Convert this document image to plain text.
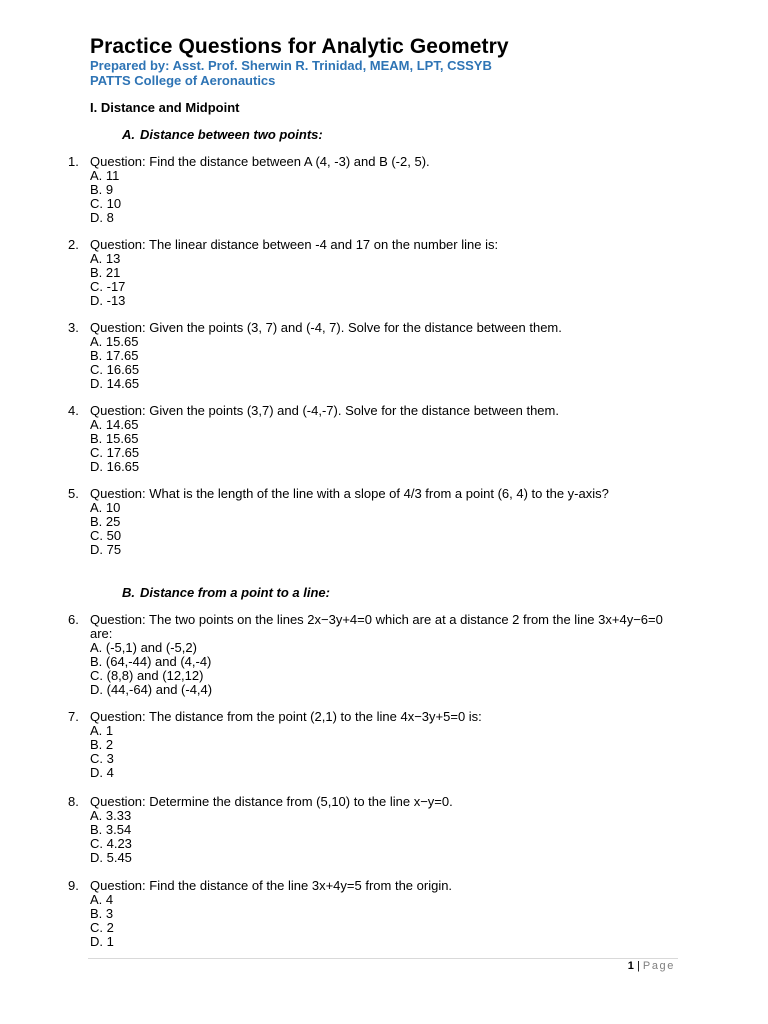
Practice Questions for Analytic Geometry
Prepared by: Asst. Prof. Sherwin R. Trinidad, MEAM, LPT, CSSYB
PATTS College of Aeronautics
I. Distance and Midpoint
A. Distance between two points:
1. Question: Find the distance between A (4, -3) and B (-2, 5).
A. 11
B. 9
C. 10
D. 8
2. Question: The linear distance between -4 and 17 on the number line is:
A. 13
B. 21
C. -17
D. -13
3. Question: Given the points (3, 7) and (-4, 7). Solve for the distance between them.
A. 15.65
B. 17.65
C. 16.65
D. 14.65
4. Question: Given the points (3,7) and (-4,-7). Solve for the distance between them.
A. 14.65
B. 15.65
C. 17.65
D. 16.65
5. Question: What is the length of the line with a slope of 4/3 from a point (6, 4) to the y-axis?
A. 10
B. 25
C. 50
D. 75
B. Distance from a point to a line:
6. Question: The two points on the lines 2x−3y+4=0 which are at a distance 2 from the line 3x+4y−6=0 are:
A. (-5,1) and (-5,2)
B. (64,-44) and (4,-4)
C. (8,8) and (12,12)
D. (44,-64) and (-4,4)
7. Question: The distance from the point (2,1) to the line 4x−3y+5=0 is:
A. 1
B. 2
C. 3
D. 4
8. Question: Determine the distance from (5,10) to the line x−y=0.
A. 3.33
B. 3.54
C. 4.23
D. 5.45
9. Question: Find the distance of the line 3x+4y=5 from the origin.
A. 4
B. 3
C. 2
D. 1
1 | Page
